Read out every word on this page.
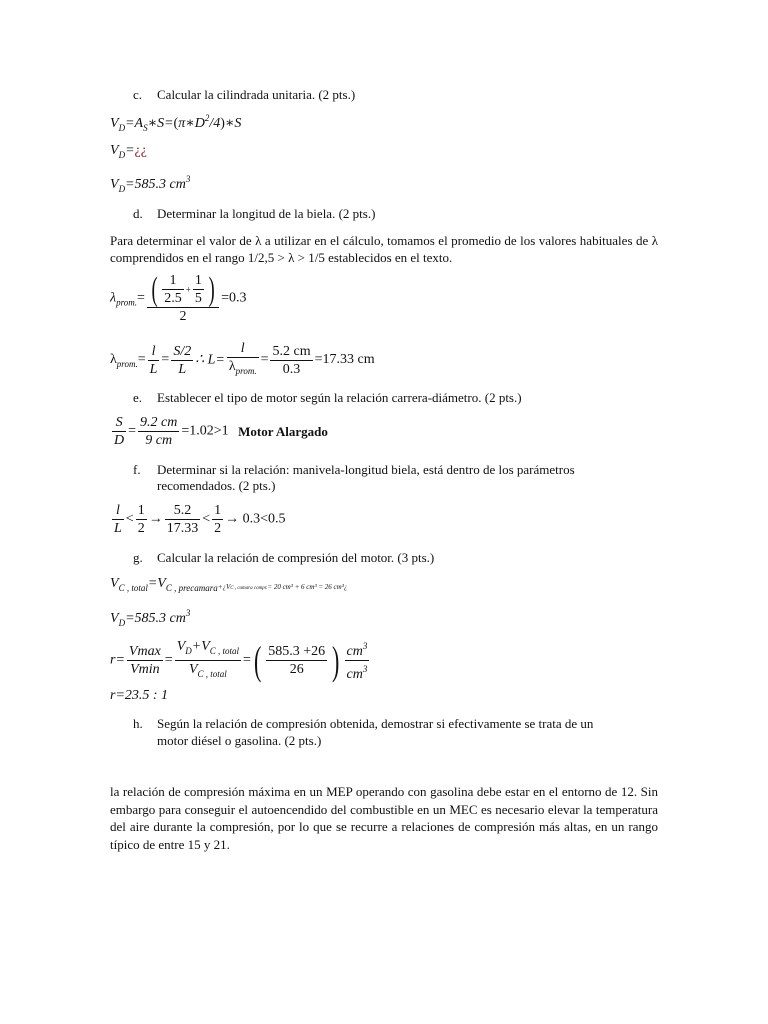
c. Calcular la cilindrada unitaria. (2 pts.)
$V_D=A_S∗S=(\pi∗D^2/4)∗S$
$V_D=¿¿$
$V_D=585.3$ $cm^3$
d. Determinar la longitud de la biela. (2 pts.)
Para determinar el valor de λ a utilizar en el cálculo, tomamos el promedio de los valores habituales de λ comprendidos en el rango 1/2,5 > λ > 1/5 establecidos en el texto.
$\lambda_{prom.}= \frac{( \frac{1}{2.5} + \frac{1}{5} )}{2} =0.3$
$\lambda_{prom.}= \frac{l}{L} = \frac{S/2}{L}$ ∴ $L= \frac{l}{\lambda_{prom.}} = \frac{5.2 cm}{0.3} =17.33$ cm
e. Establecer el tipo de motor según la relación carrera-diámetro. (2 pts.)
$\frac{S}{D} = \frac{9.2 cm}{9 cm} =1.02>1$ Motor Alargado
f. Determinar si la relación: manivela-longitud biela, está dentro de los parámetros
recomendados. (2 pts.)
$\frac{l}{L} < \frac{1}{2} \to \frac{5.2}{17.33} < \frac{1}{2} \to 0.3<0.5$
g. Calcular la relación de compresión del motor. (3 pts.)
$V_{C , total}=V_{C , precamara}+¿VC$ , camara compr.= 20 cm³ + 6 cm³ = 26 cm³¿
$V_D=585.3$ $cm^3$
$r= \frac{Vmax}{Vmin} = \frac{V_D+V_{C , total}}{V_{C , total}}$ =( $\frac{585.3 +26}{26}$ ) $\frac{cm^3}{cm^3}$
r=23.5 : 1
h. Según la relación de compresión obtenida, demostrar si efectivamente se trata de un
motor diésel o gasolina. (2 pts.)
la relación de compresión máxima en un MEP operando con gasolina debe estar en el entorno de 12. Sin embargo para conseguir el autoencendido del combustible en un MEC es necesario elevar la temperatura del aire durante la compresión, por lo que se recurre a relaciones de compresión más altas, en un rango típico de entre 15 y 21.
